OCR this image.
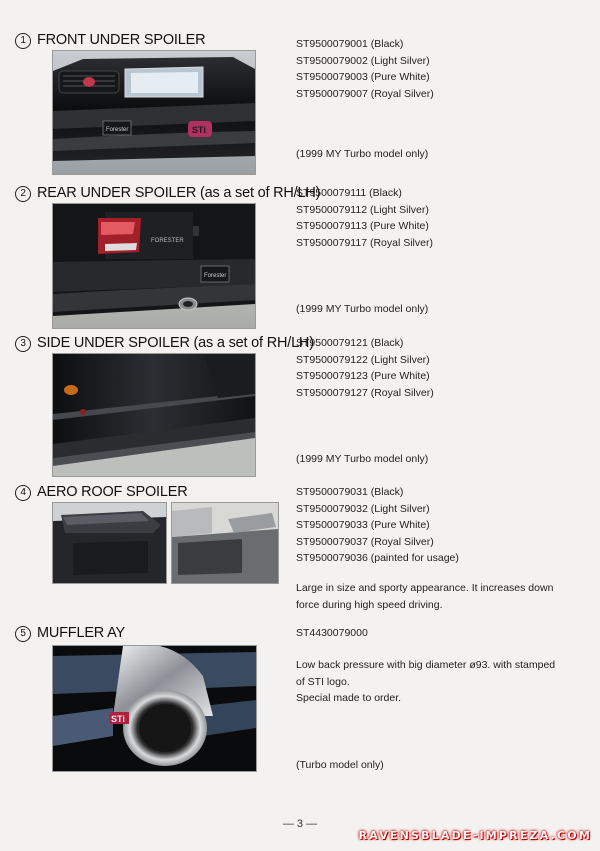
1 FRONT UNDER SPOILER
Forester	STi
ST9500079001 (Black)
ST9500079002 (Light Silver)
ST9500079003 (Pure White)
ST9500079007 (Royal Silver)
(1999 MY Turbo model only)
2 REAR UNDER SPOILER (as a set of RH/LH)
FORESTER
Forester
ST9500079111 (Black)
ST9500079112 (Light Silver)
ST9500079113 (Pure White)
ST9500079117 (Royal Silver)
(1999 MY Turbo model only)
3 SIDE UNDER SPOILER (as a set of RH/LH)
ST9500079121 (Black)
ST9500079122 (Light Silver)
ST9500079123 (Pure White)
ST9500079127 (Royal Silver)
(1999 MY Turbo model only)
4 AERO ROOF SPOILER	ST9500079031 (Black)
ST9500079032 (Light Silver)
ST9500079033 (Pure White)
ST9500079037 (Royal Silver)
ST9500079036 (painted for usage)
Large in size and sporty appearance. It increases down
force during high speed driving.
5 MUFFLER AY
STi
ST4430079000
Low back pressure with big diameter ø93. with stamped
of STI logo.
Special made to order.
(Turbo model only)
— 3 —
RAVENSBLADE-IMPREZA.COM
